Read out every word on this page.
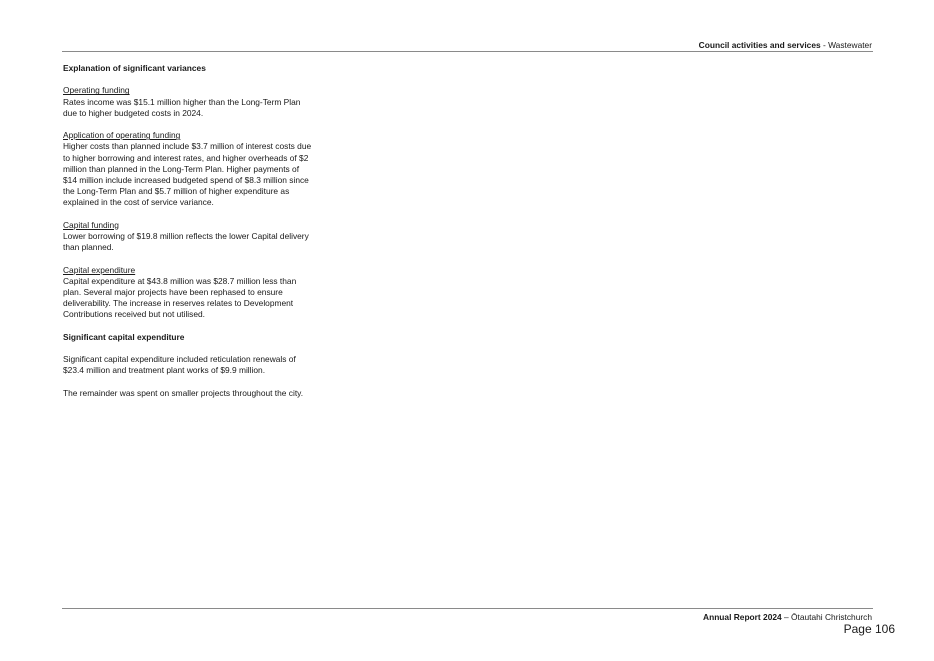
Council activities and services - Wastewater

Explanation of significant variances

Operating funding

Rates income was $15.1 million higher than the Long-Term Plan due to higher budgeted costs in 2024.

Application of operating funding

Higher costs than planned include $3.7 million of interest costs due to higher borrowing and interest rates, and higher overheads of $2 million than planned in the Long-Term Plan. Higher payments of $14 million include increased budgeted spend of $8.3 million since the Long-Term Plan and $5.7 million of higher expenditure as explained in the cost of service variance.

Capital funding

Lower borrowing of $19.8 million reflects the lower Capital delivery than planned.

Capital expenditure

Capital expenditure at $43.8 million was $28.7 million less than plan. Several major projects have been rephased to ensure deliverability. The increase in reserves relates to Development Contributions received but not utilised.

Significant capital expenditure

Significant capital expenditure included reticulation renewals of $23.4 million and treatment plant works of $9.9 million.

The remainder was spent on smaller projects throughout the city.

Annual Report 2024 – Ōtautahi Christchurch
Page 106
